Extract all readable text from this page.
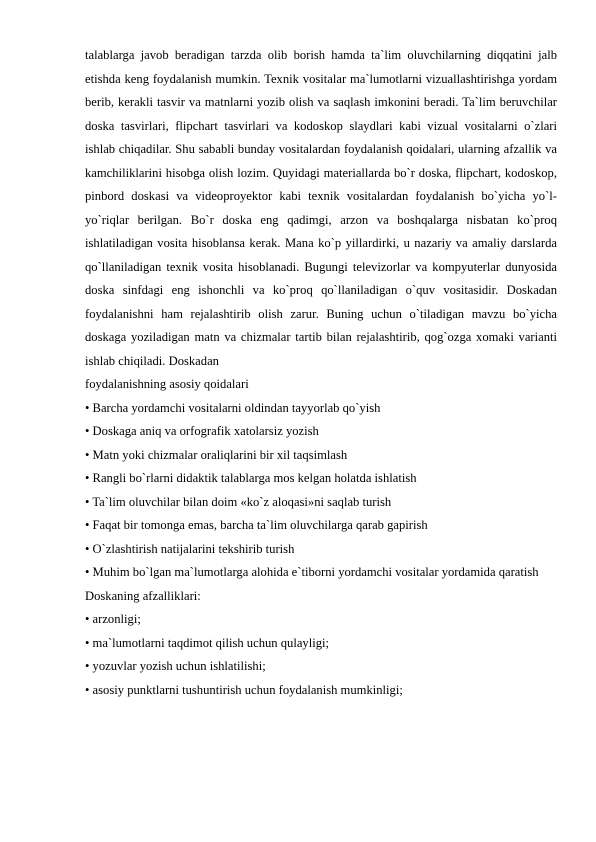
talablarga javob beradigan tarzda olib borish hamda ta`lim oluvchilarning diqqatini jalb etishda keng foydalanish mumkin. Texnik vositalar ma`lumotlarni vizuallashtirishga yordam berib, kerakli tasvir va matnlarni yozib olish va saqlash imkonini beradi. Ta`lim beruvchilar doska tasvirlari, flipchart tasvirlari va kodoskop slaydlari kabi vizual vositalarni o`zlari ishlab chiqadilar. Shu sababli bunday vositalardan foydalanish qoidalari, ularning afzallik va kamchiliklarini hisobga olish lozim. Quyidagi materiallarda bo`r doska, flipchart, kodoskop, pinbord doskasi va videoproyektor kabi texnik vositalardan foydalanish bo`yicha yo`l-yo`riqlar berilgan. Bo`r doska eng qadimgi, arzon va boshqalarga nisbatan ko`proq ishlatiladigan vosita hisoblansa kerak. Mana ko`p yillardirki, u nazariy va amaliy darslarda qo`llaniladigan texnik vosita hisoblanadi. Bugungi televizorlar va kompyuterlar dunyosida doska sinfdagi eng ishonchli va ko`proq qo`llaniladigan o`quv vositasidir. Doskadan foydalanishni ham rejalashtirib olish zarur. Buning uchun o`tiladigan mavzu bo`yicha doskaga yoziladigan matn va chizmalar tartib bilan rejalashtirib, qog`ozga xomaki varianti ishlab chiqiladi. Doskadan

foydalanishning asosiy qoidalari

• Barcha yordamchi vositalarni oldindan tayyorlab qo`yish

• Doskaga aniq va orfografik xatolarsiz yozish

• Matn yoki chizmalar oraliqlarini bir xil taqsimlash

• Rangli bo`rlarni didaktik talablarga mos kelgan holatda ishlatish

• Ta`lim oluvchilar bilan doim «ko`z aloqasi»ni saqlab turish

• Faqat bir tomonga emas, barcha ta`lim oluvchilarga qarab gapirish

• O`zlashtirish natijalarini tekshirib turish

• Muhim bo`lgan ma`lumotlarga alohida e`tiborni yordamchi vositalar yordamida qaratish

Doskaning afzalliklari:

• arzonligi;

• ma`lumotlarni taqdimot qilish uchun qulayligi;

• yozuvlar yozish uchun ishlatilishi;

• asosiy punktlarni tushuntirish uchun foydalanish mumkinligi;
